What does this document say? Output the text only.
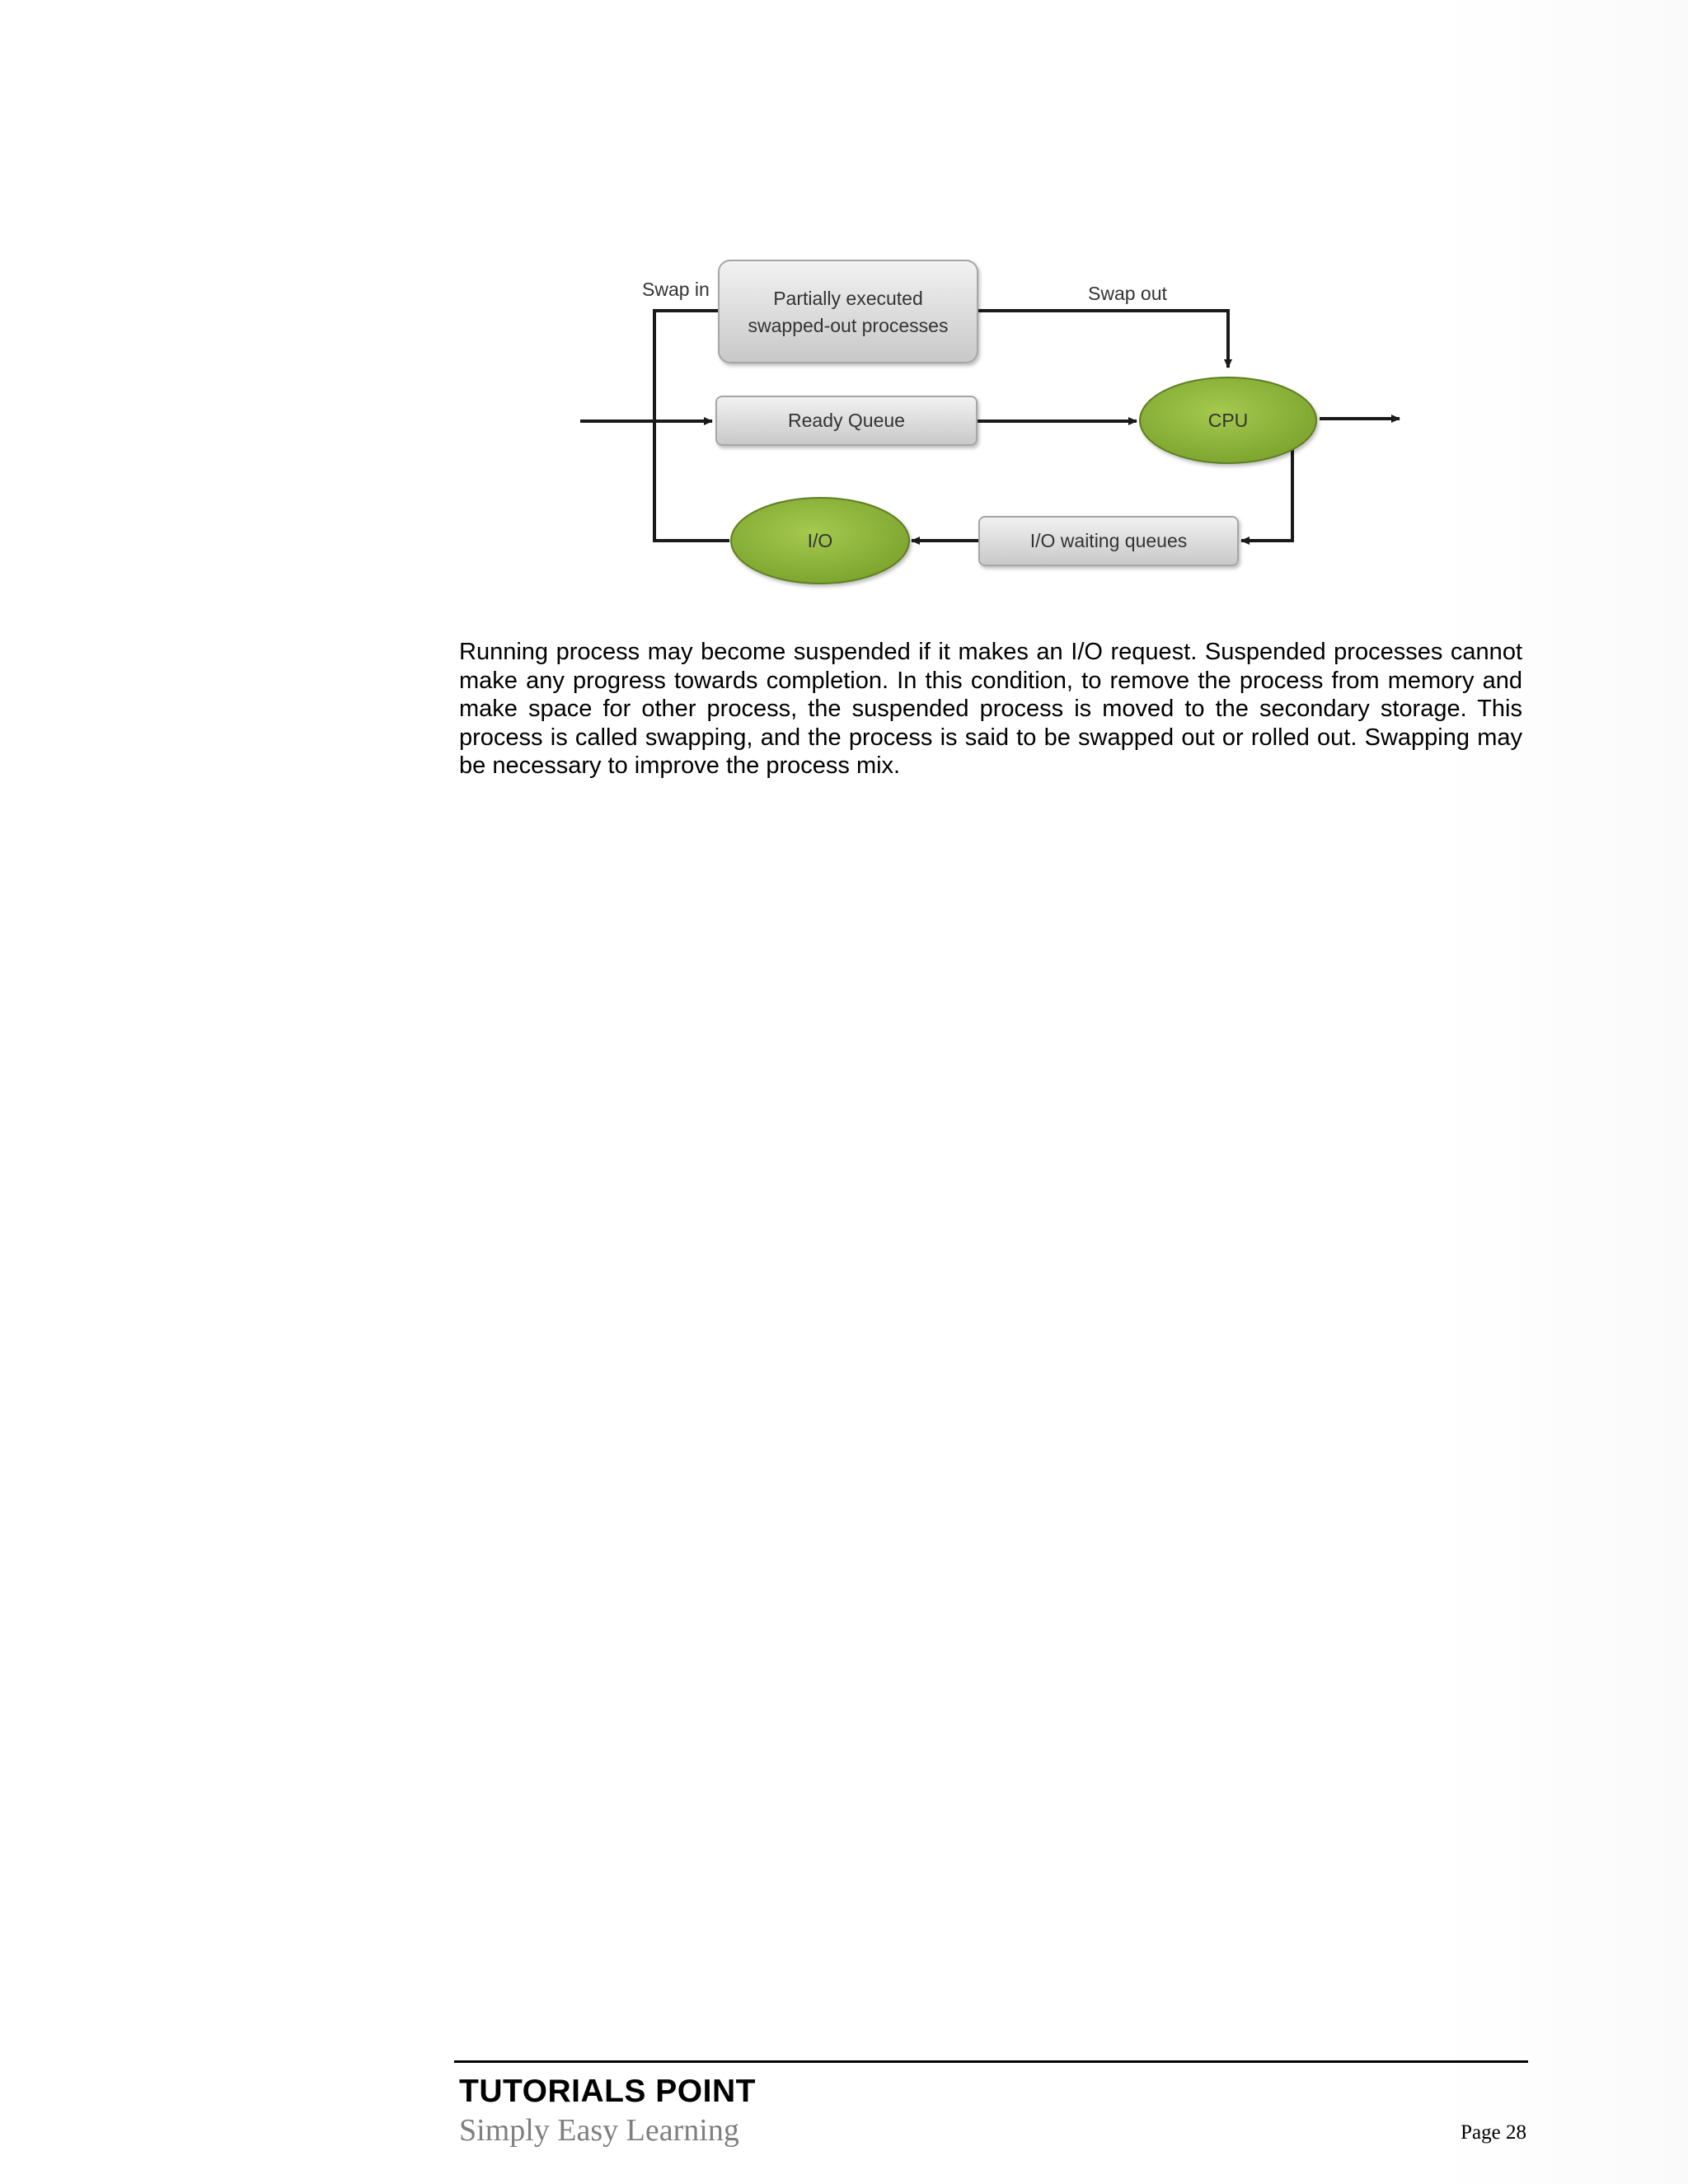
Partially executed
swapped-out processes
Ready Queue
I/O waiting queues
CPU
I/O
Swap in	Swap out

Running process may become suspended if it makes an I/O request. Suspended processes cannot make any progress towards completion. In this condition, to remove the process from memory and make space for other process, the suspended process is moved to the secondary storage. This process is called swapping, and the process is said to be swapped out or rolled out. Swapping may be necessary to improve the process mix.

TUTORIALS POINT
Simply Easy Learning	Page 28
